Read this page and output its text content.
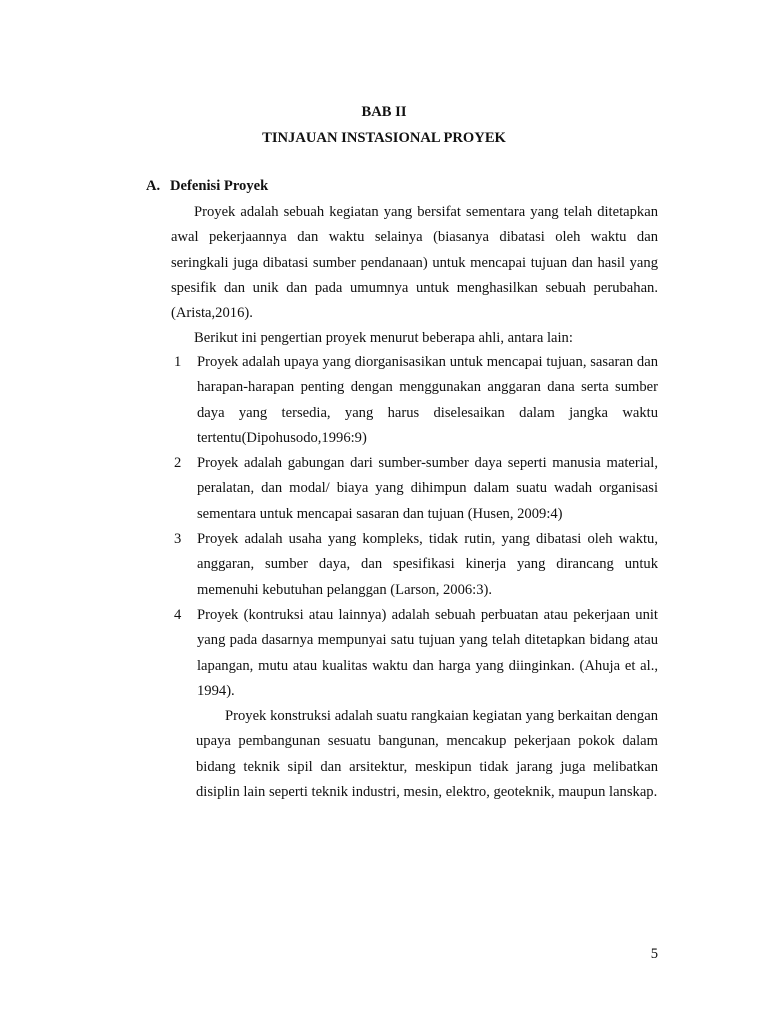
BAB II
TINJAUAN INSTASIONAL PROYEK
A. Defenisi Proyek

Proyek adalah sebuah kegiatan yang bersifat sementara yang telah ditetapkan awal pekerjaannya dan waktu selainya (biasanya dibatasi oleh waktu dan seringkali juga dibatasi sumber pendanaan) untuk mencapai tujuan dan hasil yang spesifik dan unik dan pada umumnya untuk menghasilkan sebuah perubahan. (Arista,2016).

Berikut ini pengertian proyek menurut beberapa ahli, antara lain:

1 Proyek adalah upaya yang diorganisasikan untuk mencapai tujuan, sasaran dan harapan-harapan penting dengan menggunakan anggaran dana serta sumber daya yang tersedia, yang harus diselesaikan dalam jangka waktu tertentu(Dipohusodo,1996:9)
2 Proyek adalah gabungan dari sumber-sumber daya seperti manusia material, peralatan, dan modal/ biaya yang dihimpun dalam suatu wadah organisasi sementara untuk mencapai sasaran dan tujuan (Husen, 2009:4)
3 Proyek adalah usaha yang kompleks, tidak rutin, yang dibatasi oleh waktu, anggaran, sumber daya, dan spesifikasi kinerja yang dirancang untuk memenuhi kebutuhan pelanggan (Larson, 2006:3).
4 Proyek (kontruksi atau lainnya) adalah sebuah perbuatan atau pekerjaan unit yang pada dasarnya mempunyai satu tujuan yang telah ditetapkan bidang atau lapangan, mutu atau kualitas waktu dan harga yang diinginkan. (Ahuja et al., 1994).

Proyek konstruksi adalah suatu rangkaian kegiatan yang berkaitan dengan upaya pembangunan sesuatu bangunan, mencakup pekerjaan pokok dalam bidang teknik sipil dan arsitektur, meskipun tidak jarang juga melibatkan disiplin lain seperti teknik industri, mesin, elektro, geoteknik, maupun lanskap.

5
